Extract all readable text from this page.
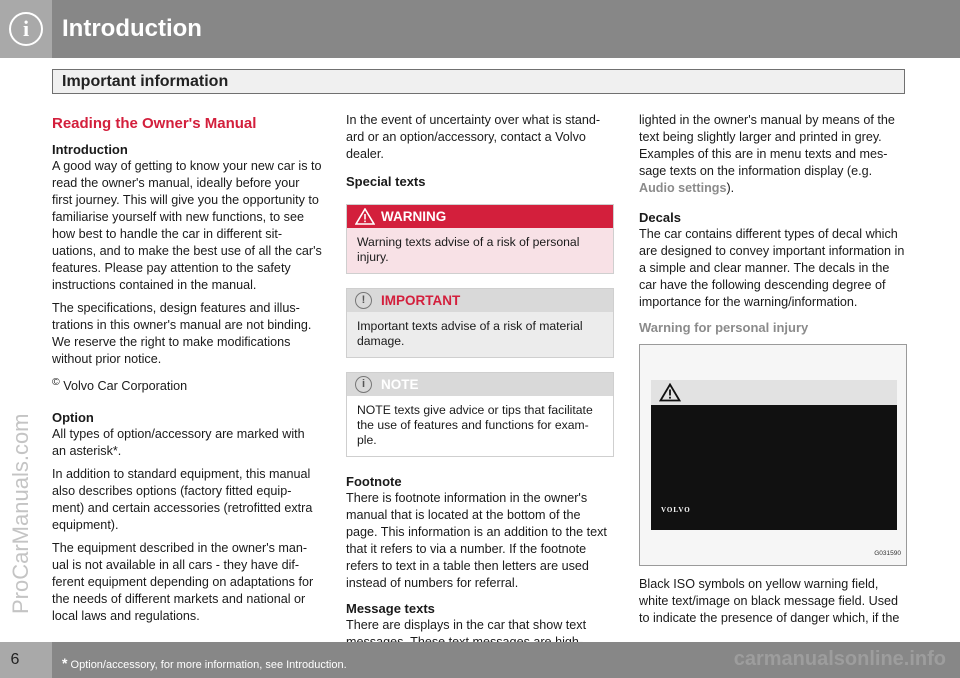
i	Introduction
Important information
ProCarManuals.com
Reading the Owner's Manual
Introduction

A good way of getting to know your new car is to read the owner's manual, ideally before your first journey. This will give you the opportunity to familiarise yourself with new functions, to see how best to handle the car in different sit- uations, and to make the best use of all the car's features. Please pay attention to the safety instructions contained in the manual.

The specifications, design features and illus- trations in this owner's manual are not binding. We reserve the right to make modifications without prior notice.

© Volvo Car Corporation

Option

All types of option/accessory are marked with an asterisk*.

In addition to standard equipment, this manual also describes options (factory fitted equip- ment) and certain accessories (retrofitted extra equipment).

The equipment described in the owner's man- ual is not available in all cars - they have dif- ferent equipment depending on adaptations for the needs of different markets and national or local laws and regulations.

In the event of uncertainty over what is stand- ard or an option/accessory, contact a Volvo dealer.

Special texts
WARNING
Warning texts advise of a risk of personal injury.
!	IMPORTANT
Important texts advise of a risk of material damage.
i	NOTE
NOTE texts give advice or tips that facilitate the use of features and functions for exam- ple.
Footnote

There is footnote information in the owner's manual that is located at the bottom of the page. This information is an addition to the text that it refers to via a number. If the footnote refers to text in a table then letters are used instead of numbers for referral.

Message texts

There are displays in the car that show text

lighted in the owner's manual by means of the text being slightly larger and printed in grey. Examples of this are in menu texts and mes- sage texts on the information display (e.g. Audio settings).

Decals

The car contains different types of decal which are designed to convey important information in a simple and clear manner. The decals in the car have the following descending degree of importance for the warning/information.

Warning for personal injury
VOLVO
G031590

Black ISO symbols on yellow warning field, white text/image on black message field. Used to indicate the presence of danger which, if the

6	* Option/accessory, for more information, see Introduction.	carmanualsonline.info
